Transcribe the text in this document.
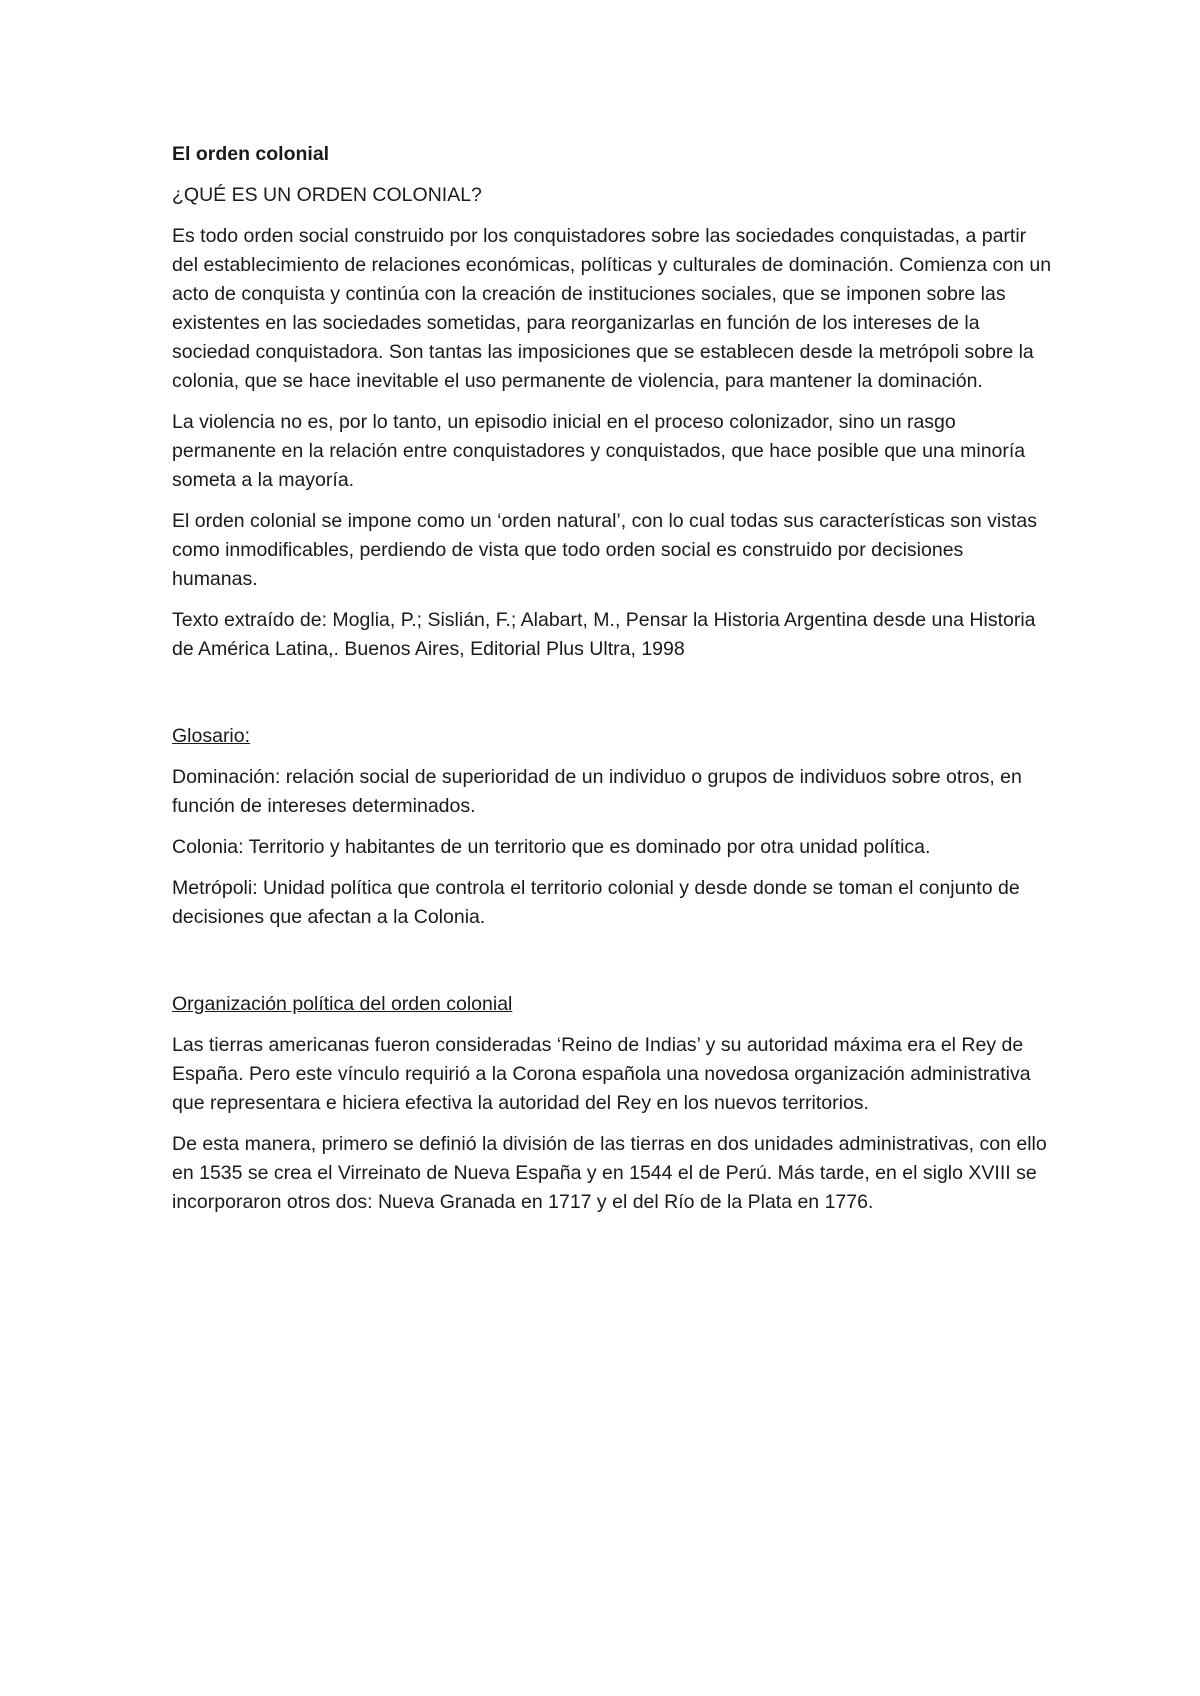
El orden colonial

¿QUÉ ES UN ORDEN COLONIAL?

Es todo orden social construido por los conquistadores sobre las sociedades conquistadas, a partir del establecimiento de relaciones económicas, políticas y culturales de dominación. Comienza con un acto de conquista y continúa con la creación de instituciones sociales, que se imponen sobre las existentes en las sociedades sometidas, para reorganizarlas en función de los intereses de la sociedad conquistadora. Son tantas las imposiciones que se establecen desde la metrópoli sobre la colonia, que se hace inevitable el uso permanente de violencia, para mantener la dominación.

La violencia no es, por lo tanto, un episodio inicial en el proceso colonizador, sino un rasgo permanente en la relación entre conquistadores y conquistados, que hace posible que una minoría someta a la mayoría.

El orden colonial se impone como un ‘orden natural’, con lo cual todas sus características son vistas como inmodificables, perdiendo de vista que todo orden social es construido por decisiones humanas.

Texto extraído de: Moglia, P.; Sislián, F.; Alabart, M., Pensar la Historia Argentina desde una Historia de América Latina,. Buenos Aires, Editorial Plus Ultra, 1998

Glosario:

Dominación: relación social de superioridad de un individuo o grupos de individuos sobre otros, en función de intereses determinados.

Colonia: Territorio y habitantes de un territorio que es dominado por otra unidad política.

Metrópoli: Unidad política que controla el territorio colonial y desde donde se toman el conjunto de decisiones que afectan a la Colonia.

Organización política del orden colonial

Las tierras americanas fueron consideradas ‘Reino de Indias’ y su autoridad máxima era el Rey de España. Pero este vínculo requirió a la Corona española una novedosa organización administrativa que representara e hiciera efectiva la autoridad del Rey en los nuevos territorios.

De esta manera, primero se definió la división de las tierras en dos unidades administrativas, con ello en 1535 se crea el Virreinato de Nueva España y en 1544 el de Perú. Más tarde, en el siglo XVIII se incorporaron otros dos: Nueva Granada en 1717 y el del Río de la Plata en 1776.
